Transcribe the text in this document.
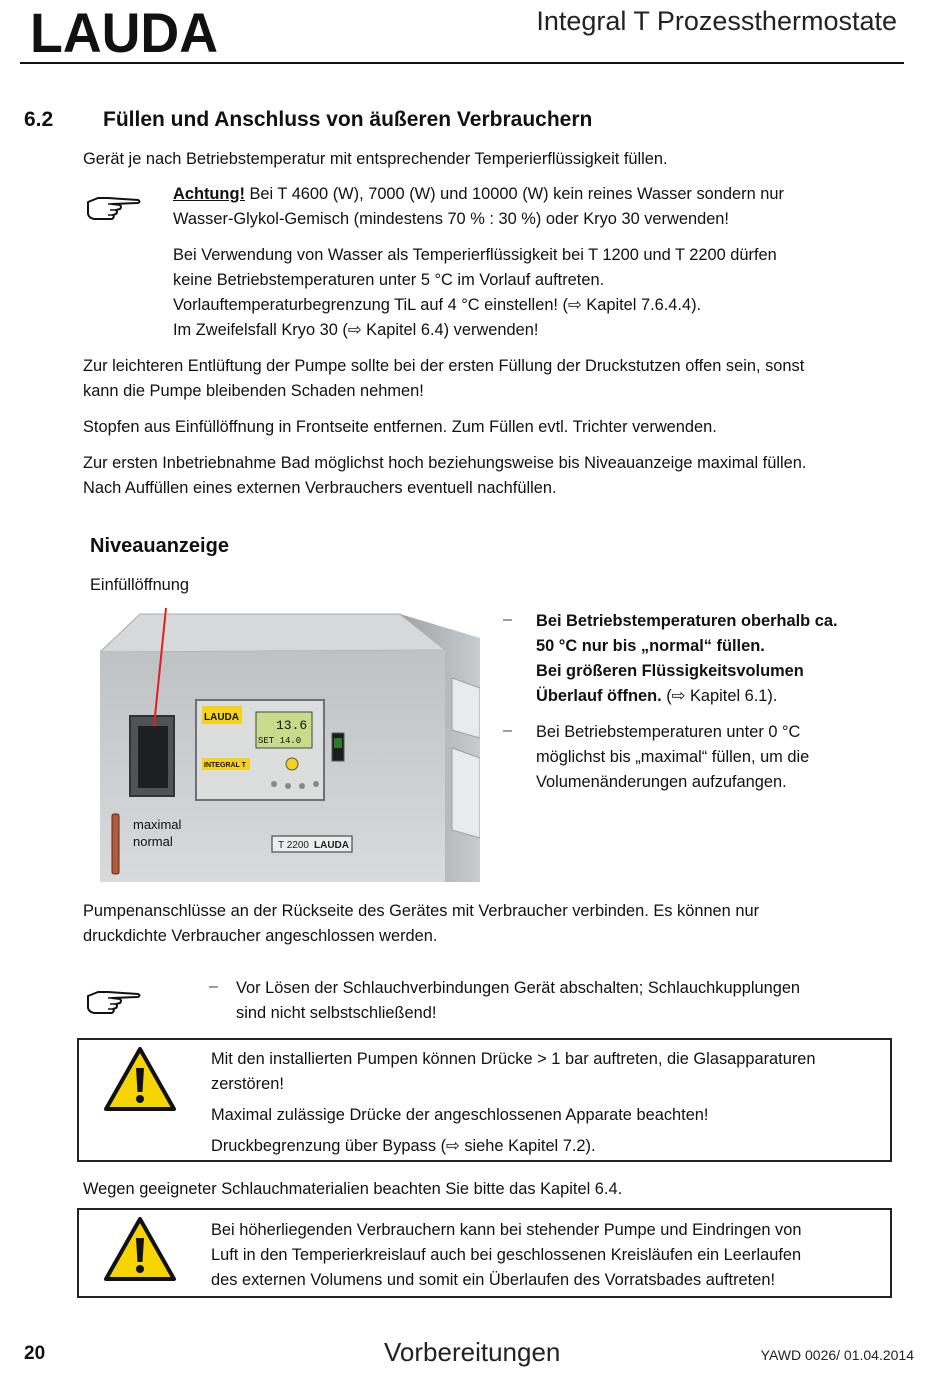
LAUDA	Integral T Prozessthermostate
6.2 Füllen und Anschluss von äußeren Verbrauchern
Gerät je nach Betriebstemperatur mit entsprechender Temperierflüssigkeit füllen.
Achtung! Bei T 4600 (W), 7000 (W) und 10000 (W) kein reines Wasser sondern nur
Wasser-Glykol-Gemisch (mindestens 70 % : 30 %) oder Kryo 30 verwenden!
Bei Verwendung von Wasser als Temperierflüssigkeit bei T 1200 und T 2200 dürfen
keine Betriebstemperaturen unter 5 °C im Vorlauf auftreten.
Vorlauftemperaturbegrenzung TiL auf 4 °C einstellen! (⇨ Kapitel 7.6.4.4).
Im Zweifelsfall Kryo 30 (⇨ Kapitel 6.4) verwenden!
Zur leichteren Entlüftung der Pumpe sollte bei der ersten Füllung der Druckstutzen offen sein, sonst
kann die Pumpe bleibenden Schaden nehmen!
Stopfen aus Einfüllöffnung in Frontseite entfernen. Zum Füllen evtl. Trichter verwenden.
Zur ersten Inbetriebnahme Bad möglichst hoch beziehungsweise bis Niveauanzeige maximal füllen.
Nach Auffüllen eines externen Verbrauchers eventuell nachfüllen.
Niveauanzeige
Einfüllöffnung
LAUDA
13.6
SET 14.0
INTEGRAL T
T 2200 LAUDA
maximal
normal
– Bei Betriebstemperaturen oberhalb ca.
50 °C nur bis „normal“ füllen.
Bei größeren Flüssigkeitsvolumen
Überlauf öffnen. (⇨ Kapitel 6.1).
– Bei Betriebstemperaturen unter 0 °C
möglichst bis „maximal“ füllen, um die
Volumenänderungen aufzufangen.
Pumpenanschlüsse an der Rückseite des Gerätes mit Verbraucher verbinden. Es können nur
druckdichte Verbraucher angeschlossen werden.
– Vor Lösen der Schlauchverbindungen Gerät abschalten; Schlauchkupplungen
sind nicht selbstschließend!
Mit den installierten Pumpen können Drücke > 1 bar auftreten, die Glasapparaturen
zerstören!
Maximal zulässige Drücke der angeschlossenen Apparate beachten!
Druckbegrenzung über Bypass (⇨ siehe Kapitel 7.2).
Wegen geeigneter Schlauchmaterialien beachten Sie bitte das Kapitel 6.4.
Bei höherliegenden Verbrauchern kann bei stehender Pumpe und Eindringen von
Luft in den Temperierkreislauf auch bei geschlossenen Kreisläufen ein Leerlaufen
des externen Volumens und somit ein Überlaufen des Vorratsbades auftreten!
20	Vorbereitungen	YAWD 0026/ 01.04.2014
